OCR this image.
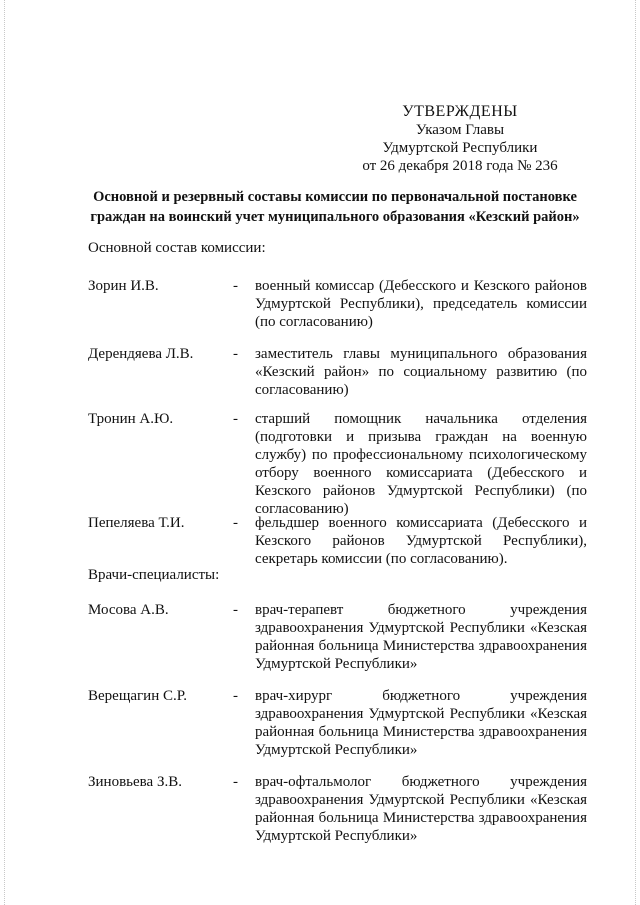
УТВЕРЖДЕНЫ
Указом Главы
Удмуртской Республики
от 26 декабря 2018 года № 236
Основной и резервный составы комиссии по первоначальной постановке
граждан на воинский учет муниципального образования «Кезский район»
Основной состав комиссии:
Зорин И.В.	- военный комиссар (Дебесского и Кезского районов Удмуртской Республики), председатель комиссии (по согласованию)
Дерендяева Л.В.	- заместитель главы муниципального образования «Кезский район» по социальному развитию (по согласованию)
Тронин А.Ю.	- старший помощник начальника отделения (подготовки и призыва граждан на военную службу) по профессиональному психологическому отбору военного комиссариата (Дебесского и Кезского районов Удмуртской Республики) (по согласованию)
Пепеляева Т.И.	- фельдшер военного комиссариата (Дебесского и Кезского районов Удмуртской Республики), секретарь комиссии (по согласованию).
Врачи-специалисты:
Мосова А.В.	- врач-терапевт бюджетного учреждения здравоохранения Удмуртской Республики «Кезская районная больница Министерства здравоохранения Удмуртской Республики»
Верещагин С.Р.	- врач-хирург бюджетного учреждения здравоохранения Удмуртской Республики «Кезская районная больница Министерства здравоохранения Удмуртской Республики»
Зиновьева З.В.	- врач-офтальмолог бюджетного учреждения здравоохранения Удмуртской Республики «Кезская районная больница Министерства здравоохранения Удмуртской Республики»
